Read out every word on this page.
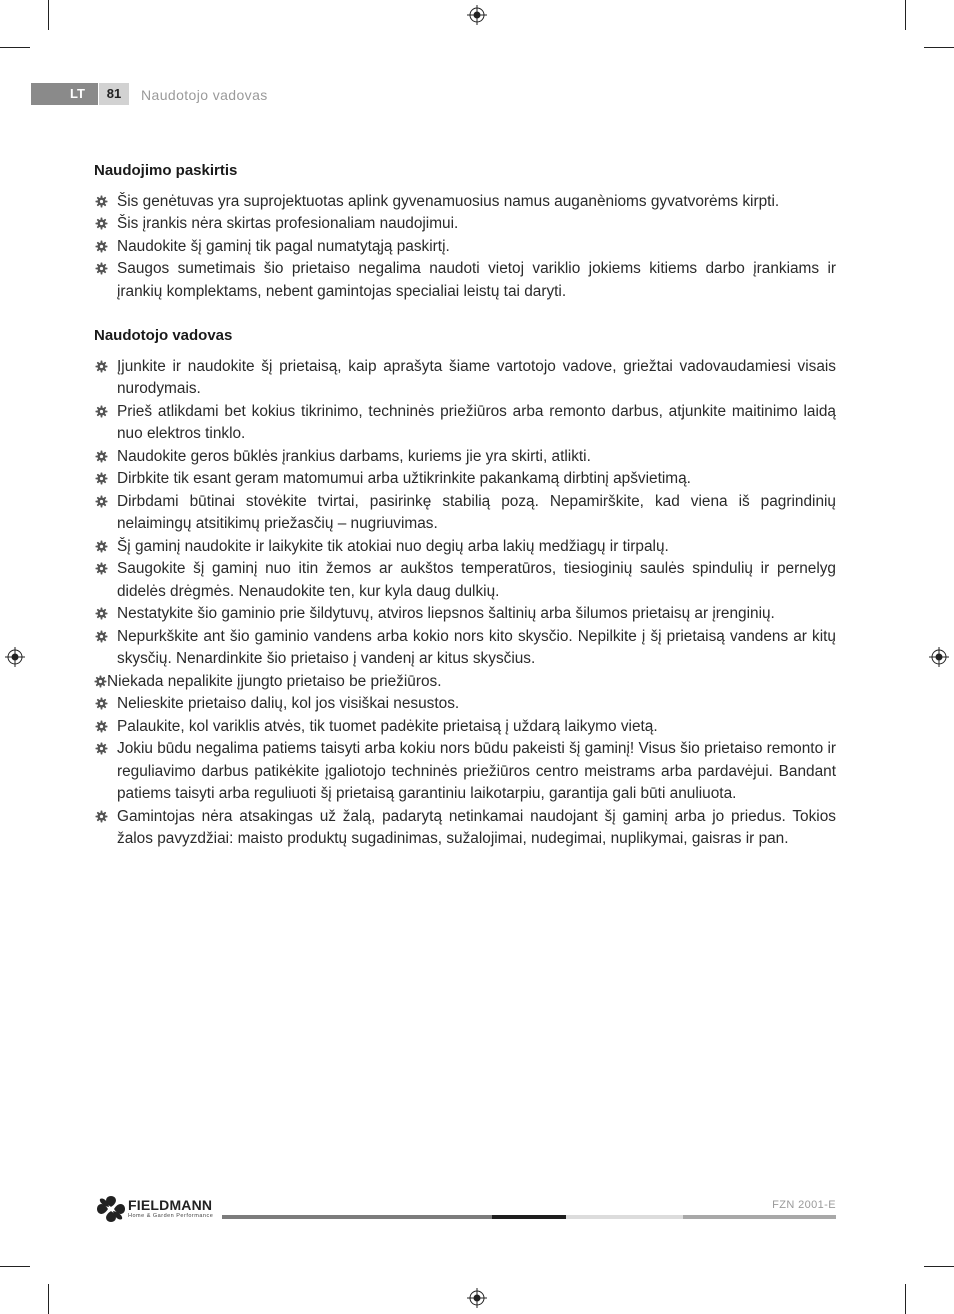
LT	81	Naudotojo vadovas
Naudojimo paskirtis
Šis genėtuvas yra suprojektuotas aplink gyvenamuosius namus auganènioms gyvatvorėms kirpti.
Šis įrankis nėra skirtas profesionaliam naudojimui.
Naudokite šį gaminį tik pagal numatytąją paskirtį.
Saugos sumetimais šio prietaiso negalima naudoti vietoj variklio jokiems kitiems darbo įrankiams ir įrankių komplektams, nebent gamintojas specialiai leistų tai daryti.
Naudotojo vadovas
Įjunkite ir naudokite šį prietaisą, kaip aprašyta šiame vartotojo vadove, griežtai vadovaudamiesi visais nurodymais.
Prieš atlikdami bet kokius tikrinimo, techninės priežiūros arba remonto darbus, atjunkite maitinimo laidą nuo elektros tinklo.
Naudokite geros būklės įrankius darbams, kuriems jie yra skirti, atlikti.
Dirbkite tik esant geram matomumui arba užtikrinkite pakankamą dirbtinį apšvietimą.
Dirbdami būtinai stovėkite tvirtai, pasirinkę stabilią pozą. Nepamirškite, kad viena iš pagrindinių nelaimingų atsitikimų priežasčių – nugriuvimas.
Šį gaminį naudokite ir laikykite tik atokiai nuo degių arba lakių medžiagų ir tirpalų.
Saugokite šį gaminį nuo itin žemos ar aukštos temperatūros, tiesioginių saulės spindulių ir pernelyg didelės drėgmės. Nenaudokite ten, kur kyla daug dulkių.
Nestatykite šio gaminio prie šildytuvų, atviros liepsnos šaltinių arba šilumos prietaisų ar įrenginių.
Nepurkškite ant šio gaminio vandens arba kokio nors kito skysčio. Nepilkite į šį prietaisą vandens ar kitų skysčių. Nenardinkite šio prietaiso į vandenį ar kitus skysčius.
Niekada nepalikite įjungto prietaiso be priežiūros.
Nelieskite prietaiso dalių, kol jos visiškai nesustos.
Palaukite, kol variklis atvės, tik tuomet padėkite prietaisą į uždarą laikymo vietą.
Jokiu būdu negalima patiems taisyti arba kokiu nors būdu pakeisti šį gaminį! Visus šio prietaiso remonto ir reguliavimo darbus patikėkite įgaliotojo techninės priežiūros centro meistrams arba pardavėjui. Bandant patiems taisyti arba reguliuoti šį prietaisą garantiniu laikotarpiu, garantija gali būti anuliuota.
Gamintojas nėra atsakingas už žalą, padarytą netinkamai naudojant šį gaminį arba jo priedus. Tokios žalos pavyzdžiai: maisto produktų sugadinimas, sužalojimai, nudegimai, nuplikymai, gaisras ir pan.
FIELDMANN
Home & Garden Performance
FZN 2001-E
